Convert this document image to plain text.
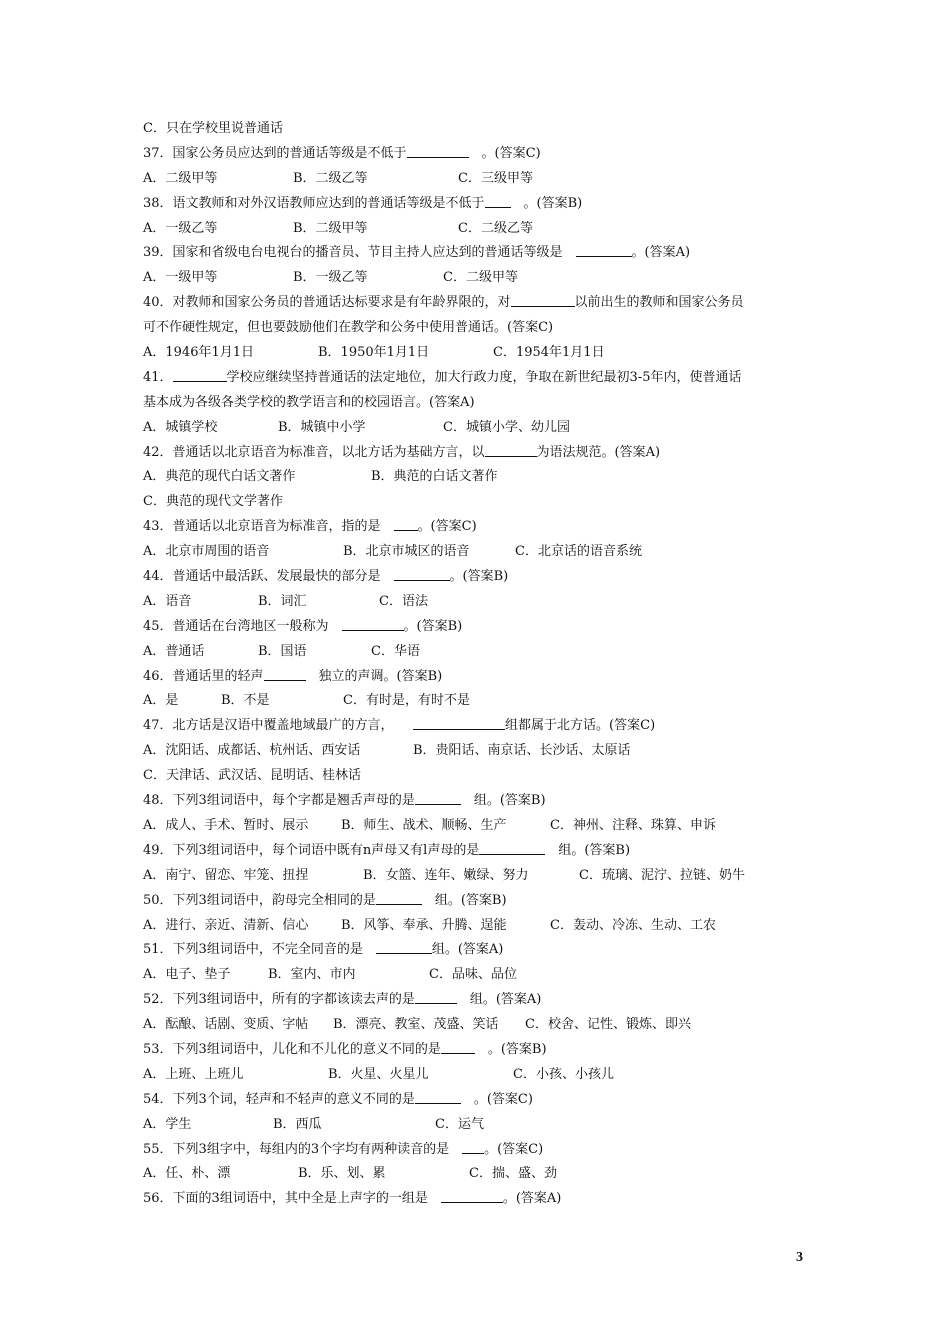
C．只在学校里说普通话
37．国家公务员应达到的普通话等级是不低于	　。(答案C)
A．二级甲等	B．二级乙等	C．三级甲等
38．语文教师和对外汉语教师应达到的普通话等级是不低于　。(答案B)
A．一级乙等	B．二级甲等	C．二级乙等
39．国家和省级电台电视台的播音员、节目主持人应达到的普通话等级是　	。(答案A)
A．一级甲等	B．一级乙等	C．二级甲等
40．对教师和国家公务员的普通话达标要求是有年龄界限的，对	以前出生的教师和国家公务员
可不作硬性规定，但也要鼓励他们在教学和公务中使用普通话。(答案C)
A．1946年1月1日	B．1950年1月1日	C．1954年1月1日
41．	学校应继续坚持普通话的法定地位，加大行政力度，争取在新世纪最初3-5年内，使普通话
基本成为各级各类学校的教学语言和的校园语言。(答案A)
A．城镇学校	B．城镇中小学	C．城镇小学、幼儿园
42．普通话以北京语音为标准音，以北方话为基础方言，以	为语法规范。(答案A)
A．典范的现代白话文著作	B．典范的白话文著作
C．典范的现代文学著作
43．普通话以北京语音为标准音，指的是　。(答案C)
A．北京市周围的语音	B．北京市城区的语音	C．北京话的语音系统
44．普通话中最活跃、发展最快的部分是　	。(答案B)
A．语音	B．词汇	C．语法
45．普通话在台湾地区一般称为　	。(答案B)
A．普通话	B．国语	C．华语
46．普通话里的轻声	　独立的声调。(答案B)
A．是	B．不是	C．有时是，有时不是
47．北方话是汉语中覆盖地域最广的方言，　　	组都属于北方话。(答案C)
A．沈阳话、成都话、杭州话、西安话	B．贵阳话、南京话、长沙话、太原话
C．天津话、武汉话、昆明话、桂林话
48．下列3组词语中，每个字都是翘舌声母的是	　组。(答案B)
A．成人、手术、暂时、展示	B．师生、战术、顺畅、生产	C．神州、注释、珠算、申诉
49．下列3组词语中，每个词语中既有n声母又有l声母的是	　组。(答案B)
A．南宁、留恋、牢笼、扭捏	B．女篮、连年、嫩绿、努力	C．琉璃、泥泞、拉链、奶牛
50．下列3组词语中，韵母完全相同的是	　组。(答案B)
A．进行、亲近、清新、信心	B．风筝、奉承、升腾、逞能	C．轰动、冷冻、生动、工农
51．下列3组词语中，不完全同音的是　	组。(答案A)
A．电子、垫子	B．室内、市内	C．品味、品位
52．下列3组词语中，所有的字都该读去声的是	　组。(答案A)
A．酝酿、话剧、变质、字帖 B．漂亮、教室、茂盛、笑话 C．校舍、记性、锻炼、即兴
53．下列3组词语中，儿化和不儿化的意义不同的是	　。(答案B)
A．上班、上班儿	B．火星、火星儿	C．小孩、小孩儿
54．下列3个词，轻声和不轻声的意义不同的是	　。(答案C)
A．学生	B．西瓜	C．运气
55．下列3组字中，每组内的3个字均有两种读音的是　。(答案C)
A．任、朴、漂	B．乐、划、累	C．揣、盛、劲
56．下面的3组词语中，其中全是上声字的一组是　	。(答案A)
3
